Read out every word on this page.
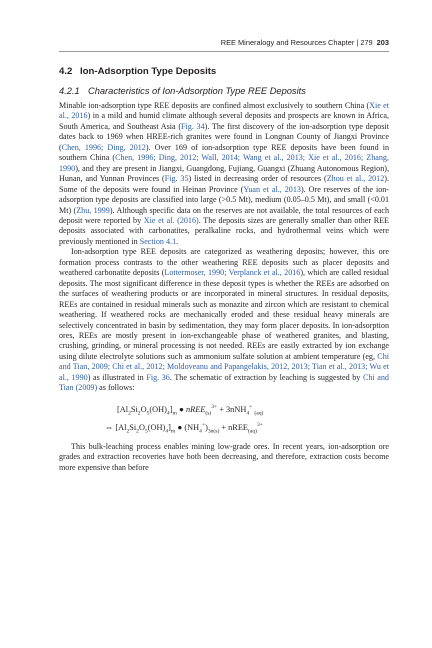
REE Mineralogy and Resources Chapter | 279 203
4.2 Ion-Adsorption Type Deposits
4.2.1 Characteristics of Ion-Adsorption Type REE Deposits

Minable ion-adsorption type REE deposits are confined almost exclusively to southern China (Xie et al., 2016) in a mild and humid climate although several deposits and prospects are known in Africa, South America, and Southeast Asia (Fig. 34). The first discovery of the ion-adsorption type deposit dates back to 1969 when HREE-rich granites were found in Longnan County of Jiangxi Province (Chen, 1996; Ding, 2012). Over 169 of ion-adsorption type REE deposits have been found in southern China (Chen, 1996; Ding, 2012; Wall, 2014; Wang et al., 2013; Xie et al., 2016; Zhang, 1990), and they are present in Jiangxi, Guangdong, Fujiang, Guangxi (Zhuang Autonomous Region), Hunan, and Yunnan Provinces (Fig. 35) listed in decreasing order of resources (Zhou et al., 2012). Some of the deposits were found in Heinan Province (Yuan et al., 2013). Ore reserves of the ion-adsorption type deposits are classified into large (>0.5 Mt), medium (0.05–0.5 Mt), and small (<0.01 Mt) (Zhu, 1999). Although specific data on the reserves are not available, the total resources of each deposit were reported by Xie et al. (2016). The deposits sizes are generally smaller than other REE deposits associated with carbonatites, peralkaline rocks, and hydrothermal veins which were previously mentioned in Section 4.1.

Ion-adsorption type REE deposits are categorized as weathering deposits; however, this ore formation process contrasts to the other weathering REE deposits such as placer deposits and weathered carbonatite deposits (Lottermoser, 1990; Verplanck et al., 2016), which are called residual deposits. The most significant difference in these deposit types is whether the REEs are adsorbed on the surfaces of weathering products or are incorporated in mineral structures. In residual deposits, REEs are contained in residual minerals such as monazite and zircon which are resistant to chemical weathering. If weathered rocks are mechanically eroded and these residual heavy minerals are selectively concentrated in basin by sedimentation, they may form placer deposits. In ion-adsorption ores, REEs are mostly present in ion-exchangeable phase of weathered granites, and blasting, crushing, grinding, or mineral processing is not needed. REEs are easily extracted by ion exchange using dilute electrolyte solutions such as ammonium sulfate solution at ambient temperature (eg, Chi and Tian, 2009; Chi et al., 2012; Moldoveanu and Papangelakis, 2012, 2013; Tian et al., 2013; Wu et al., 1990) as illustrated in Fig. 36. The schematic of extraction by leaching is suggested by Chi and Tian (2009) as follows:

$[Al_2Si_2O_5(OH)_4]_m$ ● nREE$_{(s)}^{3+}$ + 3nNH$_4$+ $_{(aq)}$
⇔ $[Al_2Si_2O_5(OH)_4]_m$ ● $(NH_4^+)_{3n(s)}$ + nREE$_{(aq)}^{3+}$

This bulk-leaching process enables mining low-grade ores. In recent years, ion-adsorption ore grades and extraction recoveries have both been decreasing, and therefore, extraction costs become more expensive than before
